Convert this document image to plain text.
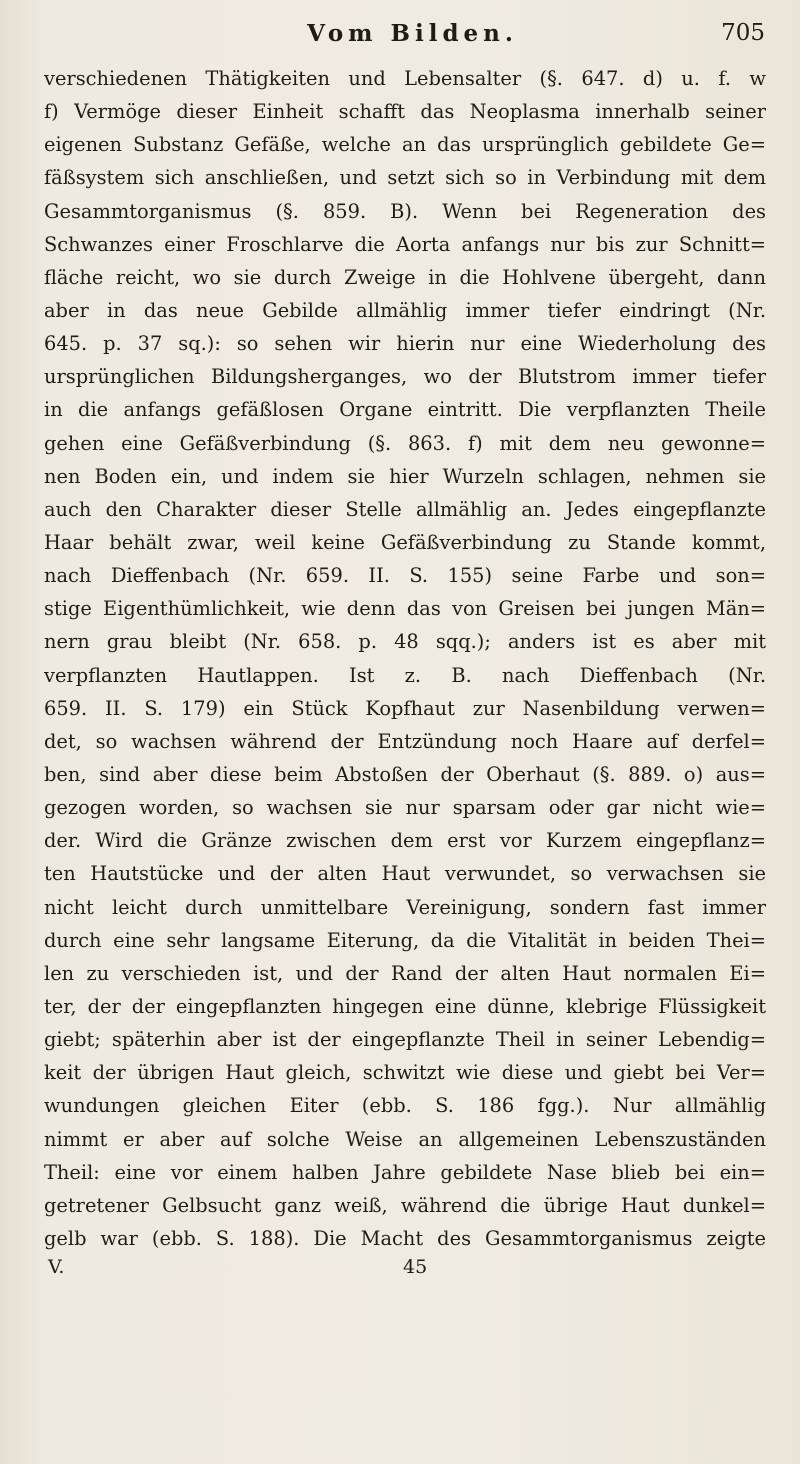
Vom Bilden.	705
verschiedenen Thätigkeiten und Lebensalter (§. 647. d) u. f. w
f) Vermöge dieser Einheit schafft das Neoplasma innerhalb seiner
eigenen Substanz Gefäße, welche an das ursprünglich gebildete Ge=
fäßsystem sich anschließen, und setzt sich so in Verbindung mit dem
Gesammtorganismus (§. 859. B). Wenn bei Regeneration des
Schwanzes einer Froschlarve die Aorta anfangs nur bis zur Schnitt=
fläche reicht, wo sie durch Zweige in die Hohlvene übergeht, dann
aber in das neue Gebilde allmählig immer tiefer eindringt (Nr.
645. p. 37 sq.): so sehen wir hierin nur eine Wiederholung des
ursprünglichen Bildungsherganges, wo der Blutstrom immer tiefer
in die anfangs gefäßlosen Organe eintritt. Die verpflanzten Theile
gehen eine Gefäßverbindung (§. 863. f) mit dem neu gewonne=
nen Boden ein, und indem sie hier Wurzeln schlagen, nehmen sie
auch den Charakter dieser Stelle allmählig an. Jedes eingepflanzte
Haar behält zwar, weil keine Gefäßverbindung zu Stande kommt,
nach Dieffenbach (Nr. 659. II. S. 155) seine Farbe und son=
stige Eigenthümlichkeit, wie denn das von Greisen bei jungen Män=
nern grau bleibt (Nr. 658. p. 48 sqq.); anders ist es aber mit
verpflanzten Hautlappen. Ist z. B. nach Dieffenbach (Nr.
659. II. S. 179) ein Stück Kopfhaut zur Nasenbildung verwen=
det, so wachsen während der Entzündung noch Haare auf derfel=
ben, sind aber diese beim Abstoßen der Oberhaut (§. 889. o) aus=
gezogen worden, so wachsen sie nur sparsam oder gar nicht wie=
der. Wird die Gränze zwischen dem erst vor Kurzem eingepflanz=
ten Hautstücke und der alten Haut verwundet, so verwachsen sie
nicht leicht durch unmittelbare Vereinigung, sondern fast immer
durch eine sehr langsame Eiterung, da die Vitalität in beiden Thei=
len zu verschieden ist, und der Rand der alten Haut normalen Ei=
ter, der der eingepflanzten hingegen eine dünne, klebrige Flüssigkeit
giebt; späterhin aber ist der eingepflanzte Theil in seiner Lebendig=
keit der übrigen Haut gleich, schwitzt wie diese und giebt bei Ver=
wundungen gleichen Eiter (ebb. S. 186 fgg.). Nur allmählig
nimmt er aber auf solche Weise an allgemeinen Lebenszuständen
Theil: eine vor einem halben Jahre gebildete Nase blieb bei ein=
getretener Gelbsucht ganz weiß, während die übrige Haut dunkel=
gelb war (ebb. S. 188). Die Macht des Gesammtorganismus zeigte
V.	45
